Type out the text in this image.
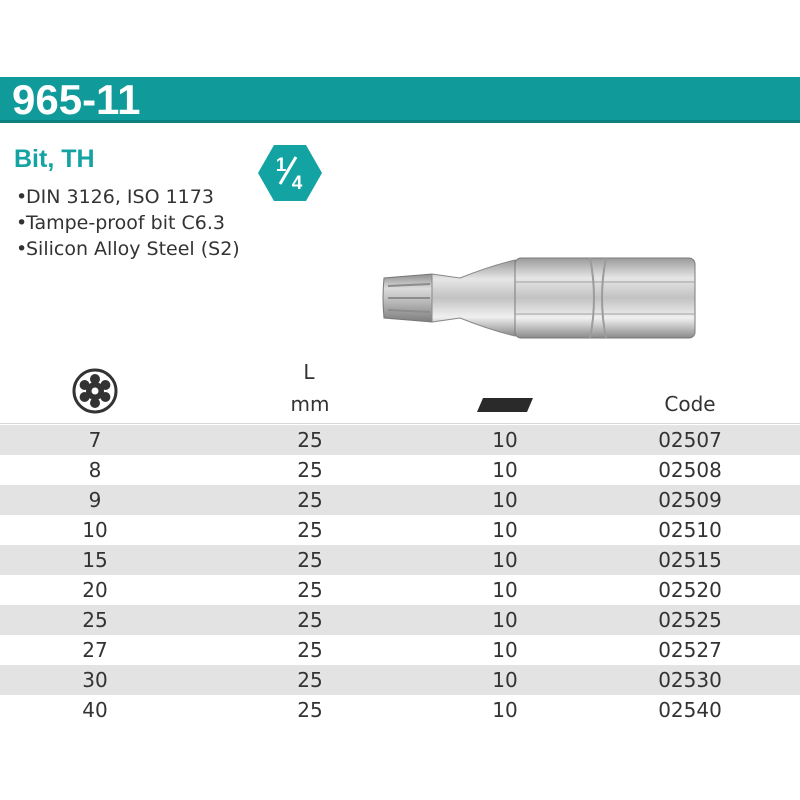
965-11
Bit, TH	1
4
•DIN 3126, ISO 1173
•Tampe-proof bit C6.3
•Silicon Alloy Steel (S2)
L
mm	Code
7	25	10	02507
8	25	10	02508
9	25	10	02509
10	25	10	02510
15	25	10	02515
20	25	10	02520
25	25	10	02525
27	25	10	02527
30	25	10	02530
40	25	10	02540
